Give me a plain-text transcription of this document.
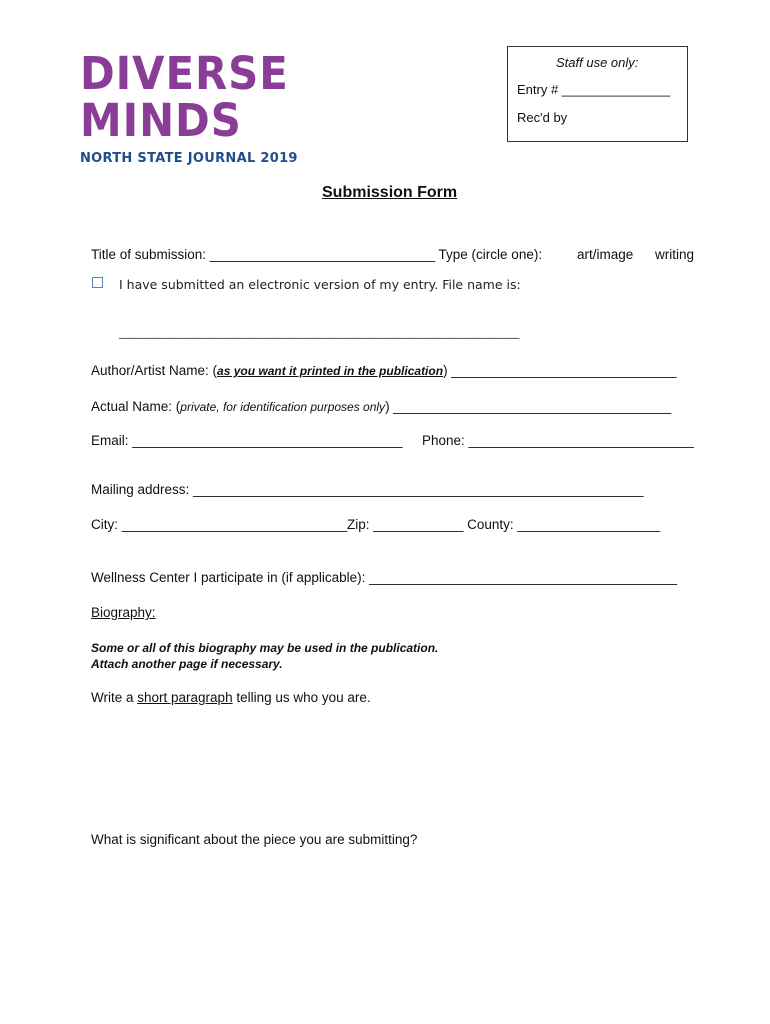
DIVERSE
MINDS
NORTH STATE JOURNAL 2019
Staff use only:
Entry # _______________
Rec'd by
Submission Form
Title of submission: ______________________________ Type (circle one):	art/image writing
I have submitted an electronic version of my entry. File name is:
________________________________________________________________________________
Author/Artist Name: (as you want it printed in the publication) ______________________________
Actual Name: (private, for identification purposes only) _____________________________________
Email: ____________________________________ Phone: ______________________________
Mailing address: ____________________________________________________________
City: ______________________________Zip: ____________ County: ___________________
Wellness Center I participate in (if applicable): _________________________________________
Biography:
Some or all of this biography may be used in the publication.
Attach another page if necessary.
Write a short paragraph telling us who you are.
What is significant about the piece you are submitting?
